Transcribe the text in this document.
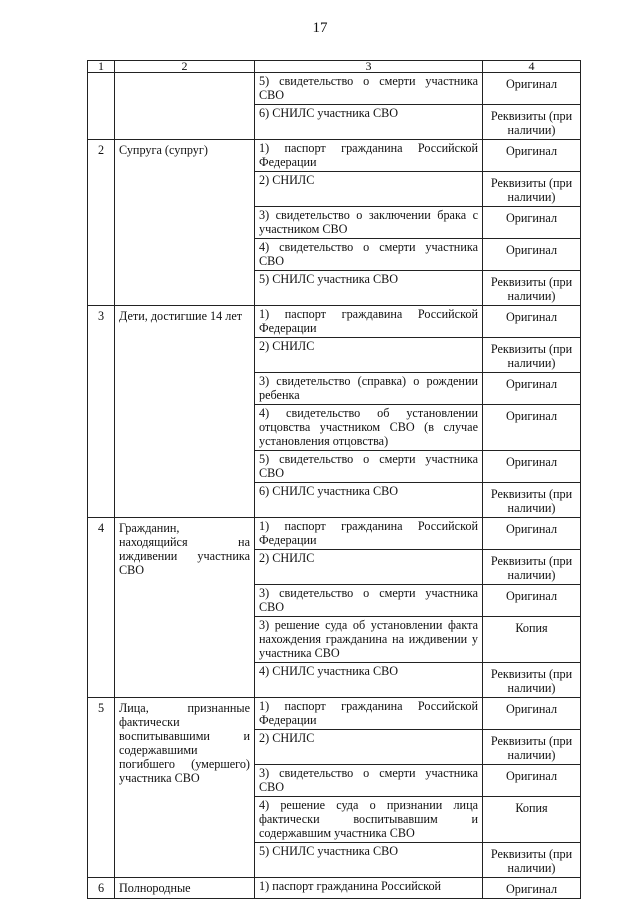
17
1	2	3	4
		5) свидетельство о смерти участника СВО	Оригинал
		6) СНИЛС участника СВО	Реквизиты (при наличии)
2	Супруга (супруг)	1) паспорт гражданина Российской Федерации	Оригинал
		2) СНИЛС	Реквизиты (при наличии)
		3) свидетельство о заключении брака с участником СВО	Оригинал
		4) свидетельство о смерти участника СВО	Оригинал
		5) СНИЛС участника СВО	Реквизиты (при наличии)
3	Дети, достигшие 14 лет	1) паспорт граждавина Российской Федерации	Оригинал
		2) СНИЛС	Реквизиты (при наличии)
		3) свидетельство (справка) о рождении ребенка	Оригинал
		4) свидетельство об установлении отцовства участником СВО (в случае установления отцовства)	Оригинал
		5) свидетельство о смерти участника СВО	Оригинал
		6) СНИЛС участника СВО	Реквизиты (при наличии)
4	Гражданин, находящийся на иждивении участника СВО	1) паспорт гражданина Российской Федерации	Оригинал
		2) СНИЛС	Реквизиты (при наличии)
		3) свидетельство о смерти участника СВО	Оригинал
		3) решение суда об установлении факта нахождения гражданина на иждивении у участника СВО	Копия
		4) СНИЛС участника СВО	Реквизиты (при наличии)
5	Лица, признанные фактически воспитывавшими и содержавшими погибшего (умершего) участника СВО	1) паспорт гражданина Российской Федерации	Оригинал
		2) СНИЛС	Реквизиты (при наличии)
		3) свидетельство о смерти участника СВО	Оригинал
		4) решение суда о признании лица фактически воспитывавшим и содержавшим участника СВО	Копия
		5) СНИЛС участника СВО	Реквизиты (при наличии)
6	Полнородные	1) паспорт гражданина Российской	Оригинал
